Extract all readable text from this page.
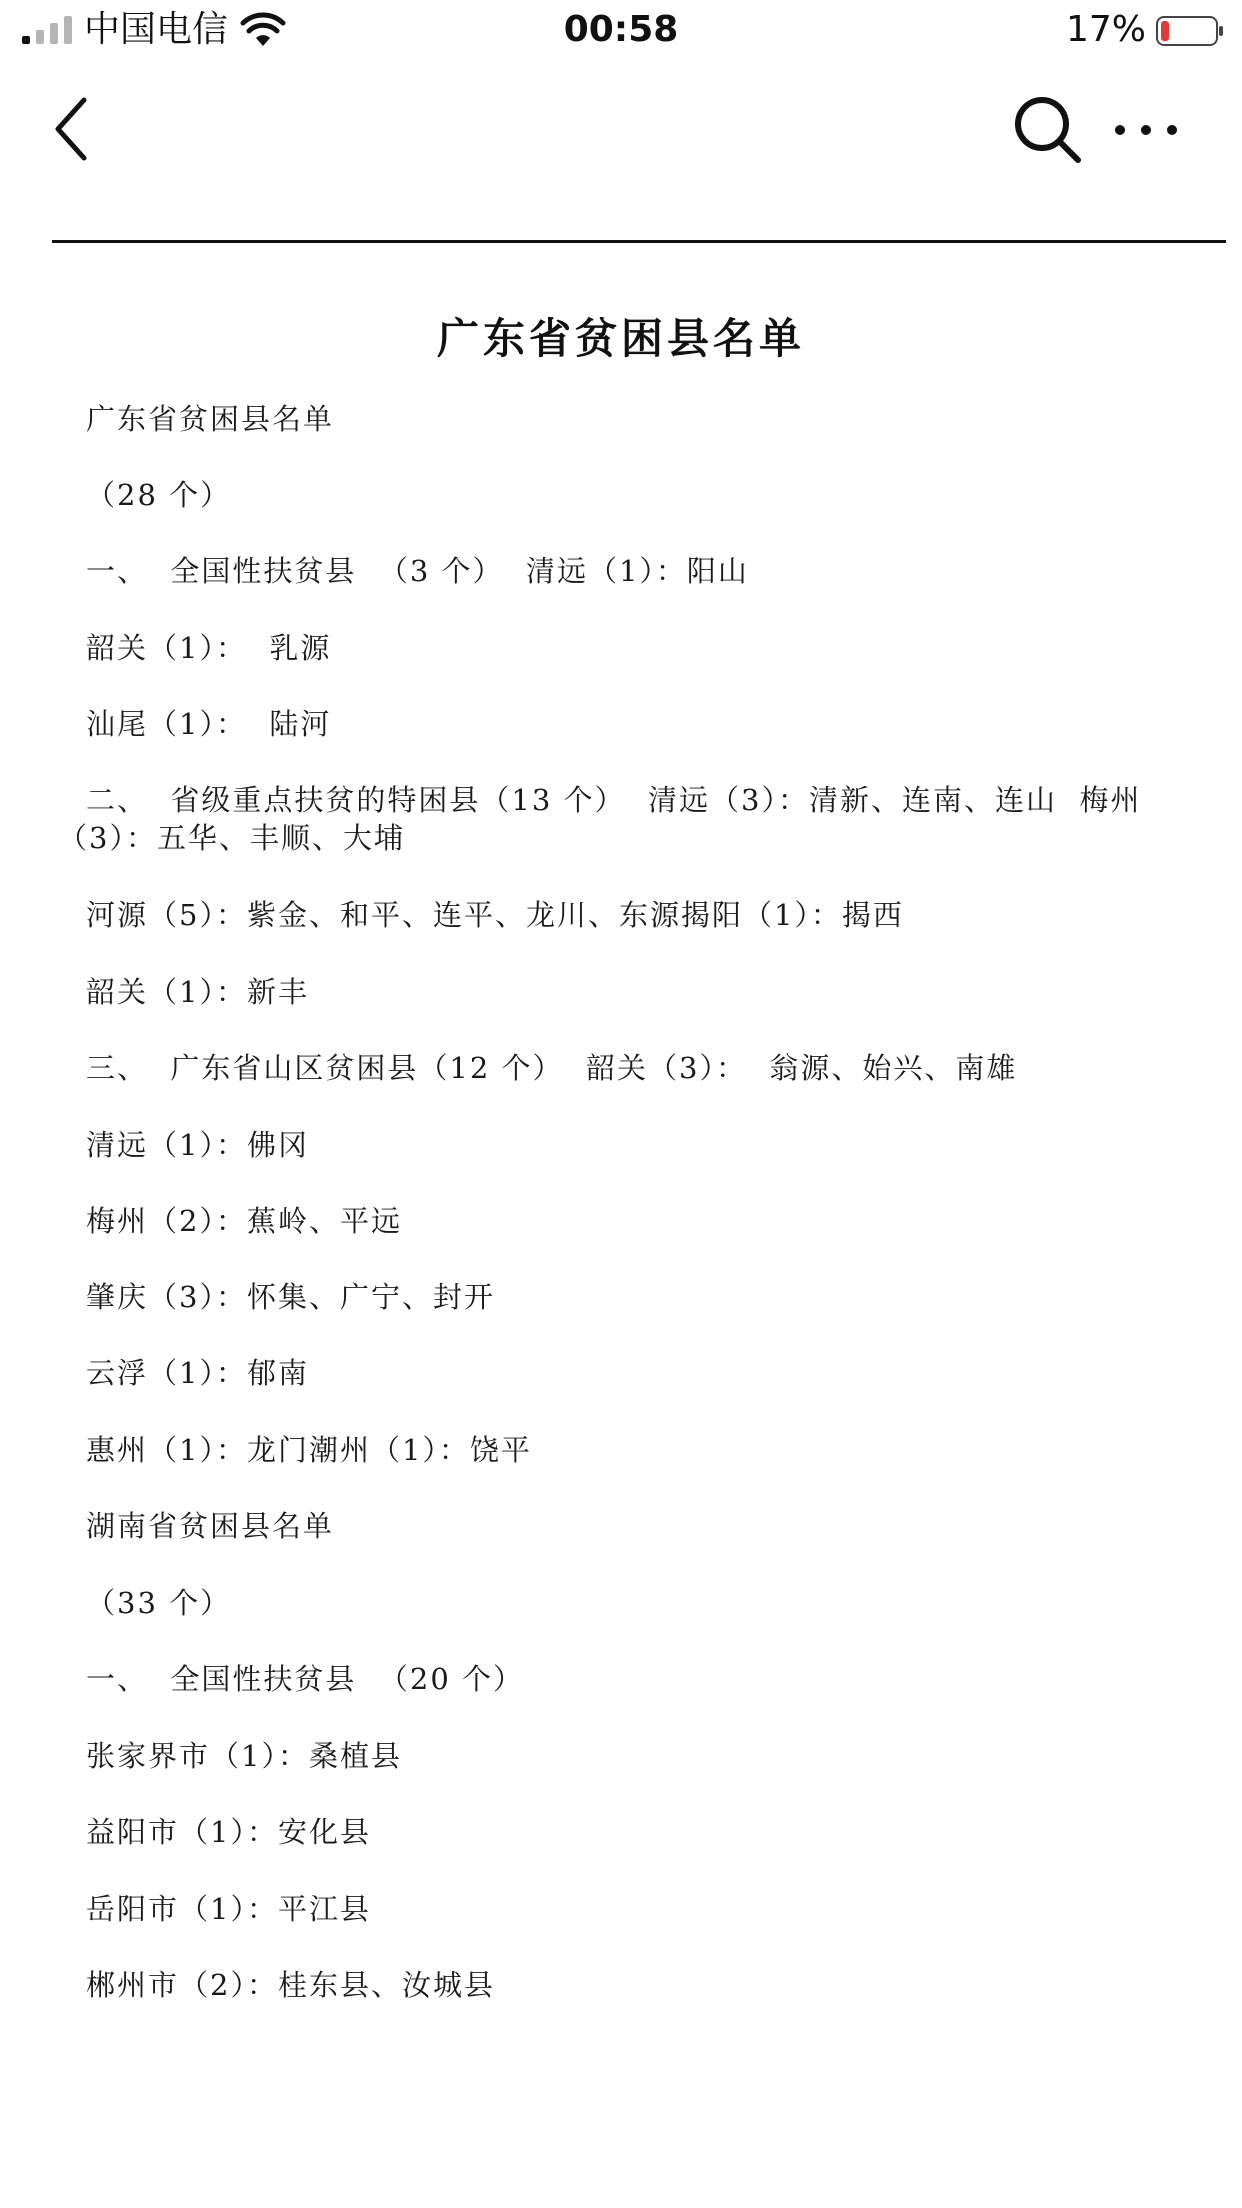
中国电信	00:58	17%
广东省贫困县名单
广东省贫困县名单
（28 个）
一、  全国性扶贫县  （3 个）  清远（1）：阳山
韶关（1）：  乳源
汕尾（1）：  陆河
二、  省级重点扶贫的特困县（13 个）  清远（3）：清新、连南、连山  梅州（3）：五华、丰顺、大埔
河源（5）：紫金、和平、连平、龙川、东源揭阳（1）：揭西
韶关（1）：新丰
三、  广东省山区贫困县（12 个）  韶关（3）：  翁源、始兴、南雄
清远（1）：佛冈
梅州（2）：蕉岭、平远
肇庆（3）：怀集、广宁、封开
云浮（1）：郁南
惠州（1）：龙门潮州（1）：饶平
湖南省贫困县名单
（33 个）
一、  全国性扶贫县  （20 个）
张家界市（1）：桑植县
益阳市（1）：安化县
岳阳市（1）：平江县
郴州市（2）：桂东县、汝城县
